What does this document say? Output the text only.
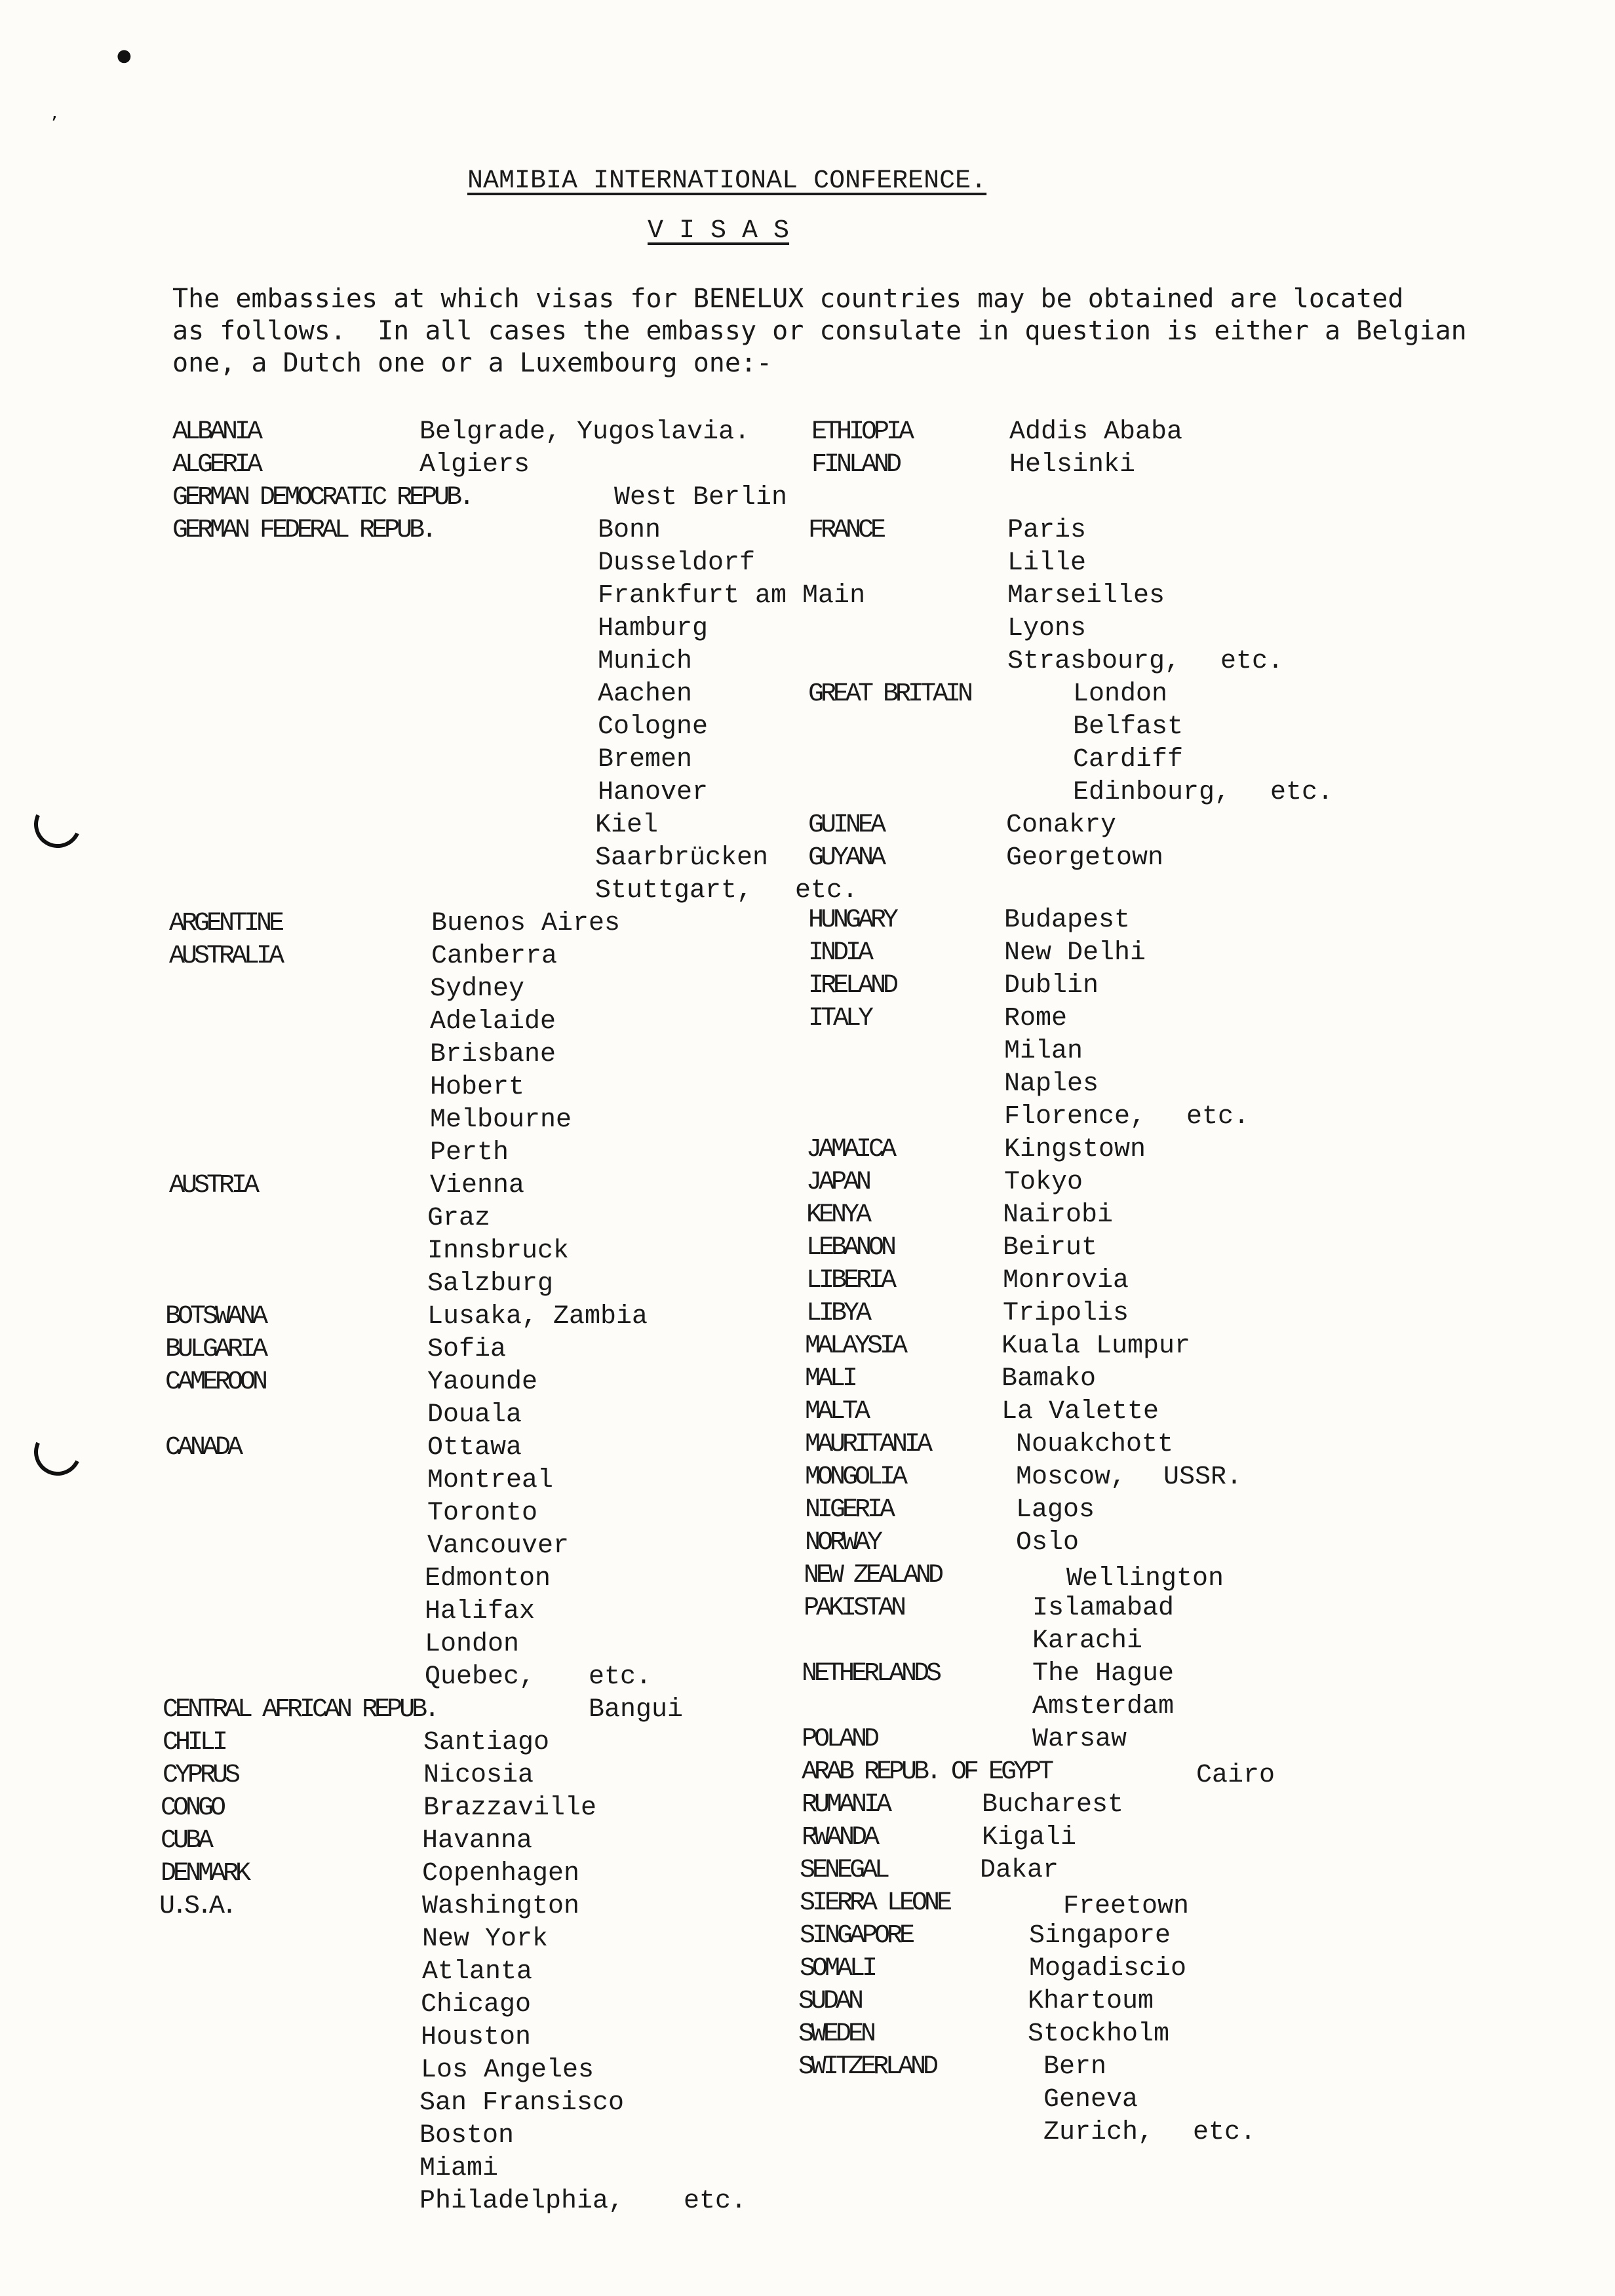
●
’
NAMIBIA INTERNATIONAL CONFERENCE.
V I S A S
The embassies at which visas for BENELUX countries may be obtained are located
as follows.  In all cases the embassy or consulate in question is either a Belgian
one, a Dutch one or a Luxembourg one:-
ALBANIA	Belgrade, Yugoslavia.
ALGERIA	Algiers
GERMAN DEMOCRATIC REPUB.	West Berlin
GERMAN FEDERAL REPUB.	Bonn
Dusseldorf
Frankfurt am Main
Hamburg
Munich
Aachen
Cologne
Bremen
Hanover
Kiel
Saarbrücken
Stuttgart, etc.
ARGENTINE	Buenos Aires
AUSTRALIA	Canberra
Sydney
Adelaide
Brisbane
Hobert
Melbourne
Perth
AUSTRIA	Vienna
Graz
Innsbruck
Salzburg
BOTSWANA	Lusaka, Zambia
BULGARIA	Sofia
CAMEROON	Yaounde
Douala
CANADA	Ottawa
Montreal
Toronto
Vancouver
Edmonton
Halifax
London
Quebec, etc.
CENTRAL AFRICAN REPUB.	Bangui
CHILI	Santiago
CYPRUS	Nicosia
CONGO	Brazzaville
CUBA	Havanna
DENMARK	Copenhagen
U.S.A.	Washington
New York
Atlanta
Chicago
Houston
Los Angeles
San Fransisco
Boston
Miami
Philadelphia, etc.
ETHIOPIA	Addis Ababa
FINLAND	Helsinki
FRANCE	Paris
Lille
Marseilles
Lyons
Strasbourg, etc.
GREAT BRITAIN	London
Belfast
Cardiff
Edinbourg, etc.
GUINEA	Conakry
GUYANA	Georgetown
HUNGARY	Budapest
INDIA	New Delhi
IRELAND	Dublin
ITALY	Rome
Milan
Naples
Florence, etc.
JAMAICA	Kingstown
JAPAN	Tokyo
KENYA	Nairobi
LEBANON	Beirut
LIBERIA	Monrovia
LIBYA	Tripolis
MALAYSIA	Kuala Lumpur
MALI	Bamako
MALTA	La Valette
MAURITANIA	Nouakchott
MONGOLIA	Moscow, USSR.
NIGERIA	Lagos
NORWAY	Oslo
NEW ZEALAND	Wellington
PAKISTAN	Islamabad
Karachi
NETHERLANDS	The Hague
Amsterdam
POLAND	Warsaw
ARAB REPUB. OF EGYPT	Cairo
RUMANIA	Bucharest
RWANDA	Kigali
SENEGAL	Dakar
SIERRA LEONE	Freetown
SINGAPORE	Singapore
SOMALI	Mogadiscio
SUDAN	Khartoum
SWEDEN	Stockholm
SWITZERLAND	Bern
Geneva
Zurich, etc.
